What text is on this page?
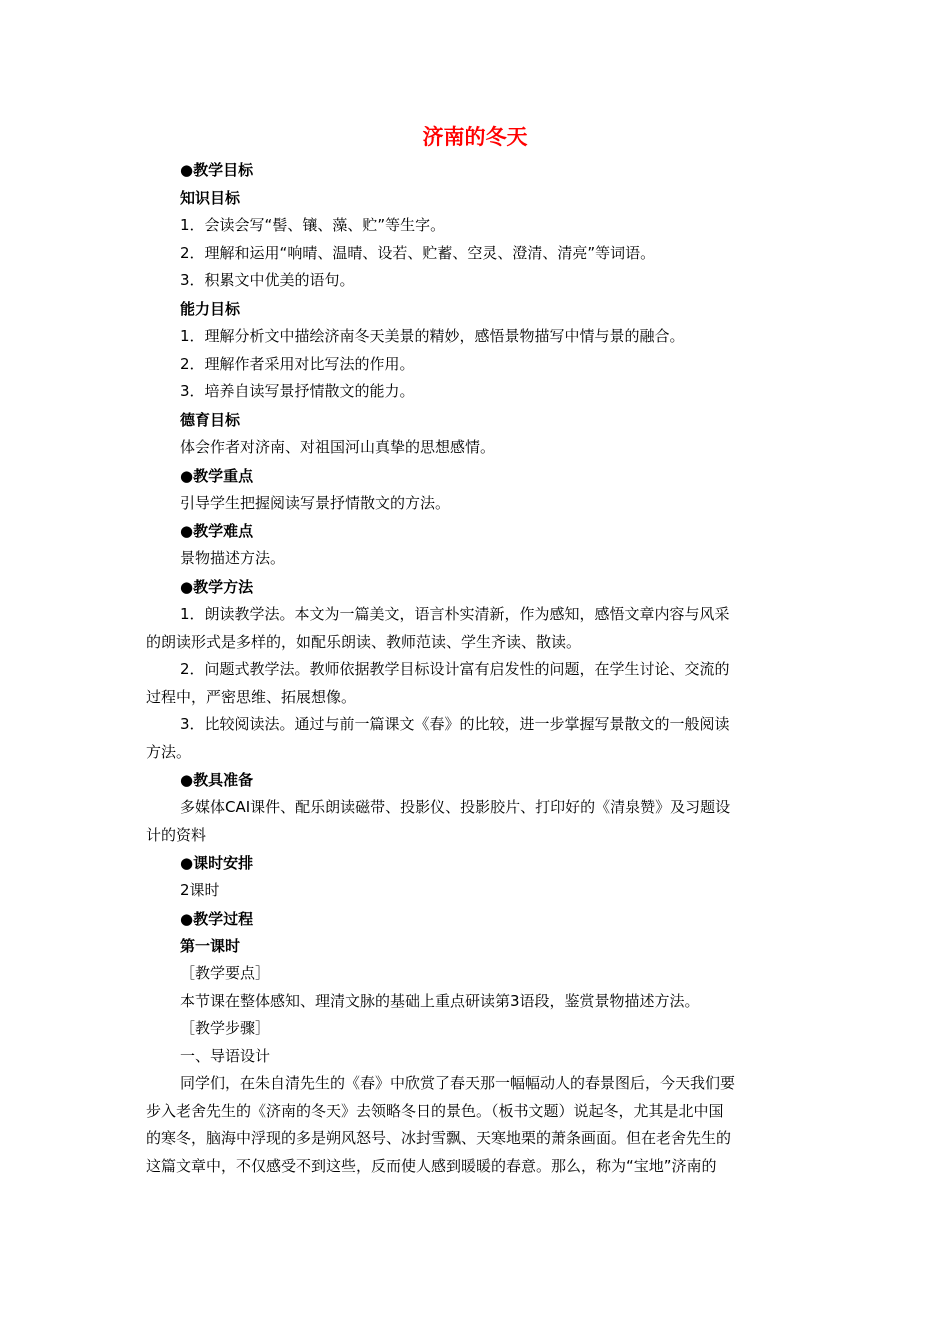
济南的冬天

●教学目标

知识目标

1．会读会写“髻、镶、藻、贮”等生字。

2．理解和运用“响晴、温晴、设若、贮蓄、空灵、澄清、清亮”等词语。

3．积累文中优美的语句。

能力目标

1．理解分析文中描绘济南冬天美景的精妙，感悟景物描写中情与景的融合。

2．理解作者采用对比写法的作用。

3．培养自读写景抒情散文的能力。

德育目标

体会作者对济南、对祖国河山真挚的思想感情。

●教学重点

引导学生把握阅读写景抒情散文的方法。

●教学难点

景物描述方法。

●教学方法

1．朗读教学法。本文为一篇美文，语言朴实清新，作为感知，感悟文章内容与风采

的朗读形式是多样的，如配乐朗读、教师范读、学生齐读、散读。

2．问题式教学法。教师依据教学目标设计富有启发性的问题，在学生讨论、交流的

过程中，严密思维、拓展想像。

3．比较阅读法。通过与前一篇课文《春》的比较，进一步掌握写景散文的一般阅读

方法。

●教具准备

多媒体CAI课件、配乐朗读磁带、投影仪、投影胶片、打印好的《清泉赞》及习题设

计的资料

●课时安排

2课时

●教学过程

第一课时

［教学要点］

本节课在整体感知、理清文脉的基础上重点研读第3语段，鉴赏景物描述方法。

［教学步骤］

一、导语设计

同学们，在朱自清先生的《春》中欣赏了春天那一幅幅动人的春景图后，今天我们要

步入老舍先生的《济南的冬天》去领略冬日的景色。（板书文题）说起冬，尤其是北中国

的寒冬，脑海中浮现的多是朔风怒号、冰封雪飘、天寒地栗的萧条画面。但在老舍先生的

这篇文章中，不仅感受不到这些，反而使人感到暖暖的春意。那么，称为“宝地”济南的
